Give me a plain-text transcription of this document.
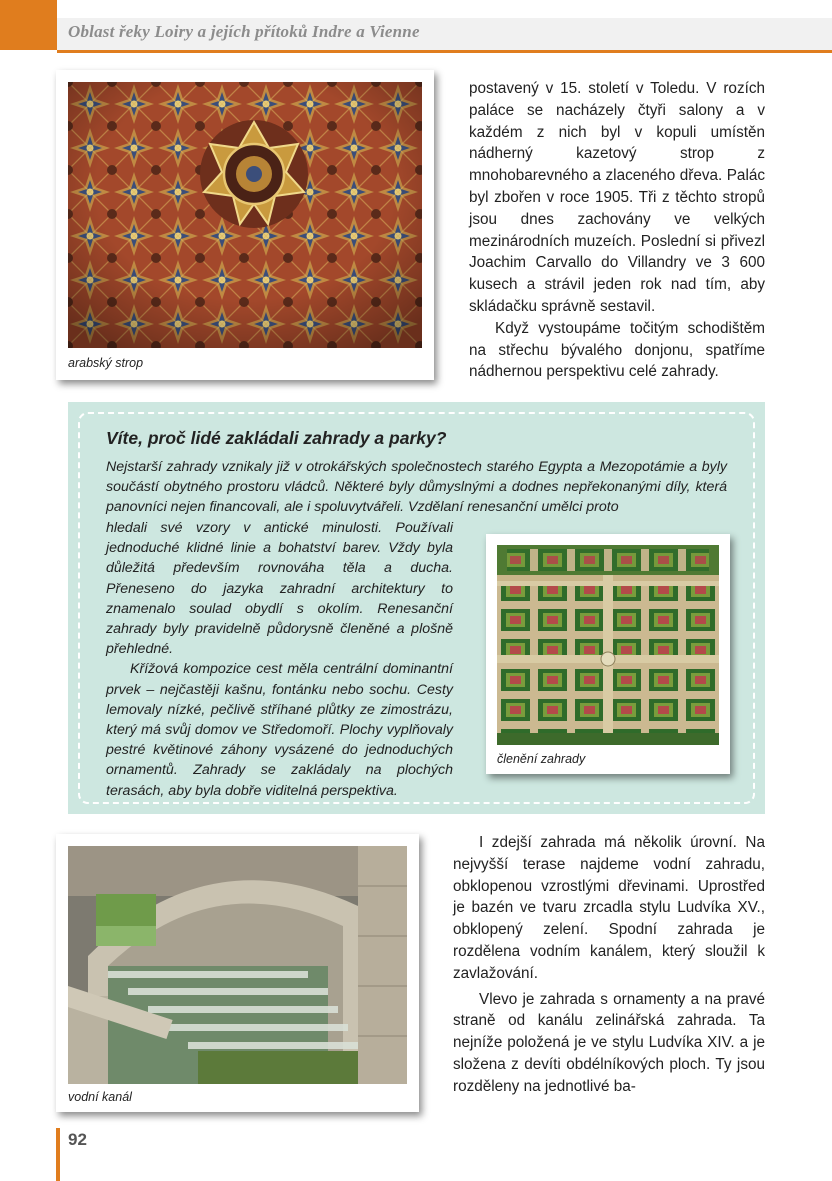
Oblast řeky Loiry a jejích přítoků Indre a Vienne
arabský strop

postavený v 15. století v Toledu. V rozích paláce se nacházely čtyři salony a v každém z nich byl v kopuli umístěn nádherný kazetový strop z mnohobarevného a zlaceného dřeva. Palác byl zbořen v roce 1905. Tři z těchto stropů jsou dnes zachovány ve velkých mezinárodních muzeích. Poslední si přivezl Joachim Carvallo do Villandry ve 3 600 kusech a strávil jeden rok nad tím, aby skládačku správně sestavil.

Když vystoupáme točitým schodištěm na střechu bývalého donjonu, spatříme nádhernou perspektivu celé zahrady.

Víte, proč lidé zakládali zahrady a parky?

Nejstarší zahrady vznikaly již v otrokářských společnostech starého Egypta a Mezopotámie a byly součástí obytného prostoru vládců. Některé byly důmyslnými a dodnes nepřekonanými díly, která panovníci nejen financovali, ale i spoluvytvářeli. Vzdělaní renesanční umělci proto

hledali své vzory v antické minulosti. Používali jednoduché klidné linie a bohatství barev. Vždy byla důležitá především rovnováha těla a ducha. Přeneseno do jazyka zahradní architektury to znamenalo soulad obydlí s okolím. Renesanční zahrady byly pravidelně půdorysně členěné a plošně přehledné.

Křížová kompozice cest měla centrální dominantní prvek – nejčastěji kašnu, fontánku nebo sochu. Cesty lemovaly nízké, pečlivě stříhané plůtky ze zimostrázu, který má svůj domov ve Středomoří. Plochy vyplňovaly pestré květinové záhony vysázené do jednoduchých ornamentů. Zahrady se zakládaly na plochých terasách, aby byla dobře viditelná perspektiva.

členění zahrady
vodní kanál

I zdejší zahrada má několik úrovní. Na nejvyšší terase najdeme vodní zahradu, obklopenou vzrostlými dřevinami. Uprostřed je bazén ve tvaru zrcadla stylu Ludvíka XV., obklopený zelení. Spodní zahrada je rozdělena vodním kanálem, který sloužil k zavlažování.

Vlevo je zahrada s ornamenty a na pravé straně od kanálu zelinářská zahrada. Ta nejníže položená je ve stylu Ludvíka XIV. a je složena z devíti obdélníkových ploch. Ty jsou rozděleny na jednotlivé ba-

92
